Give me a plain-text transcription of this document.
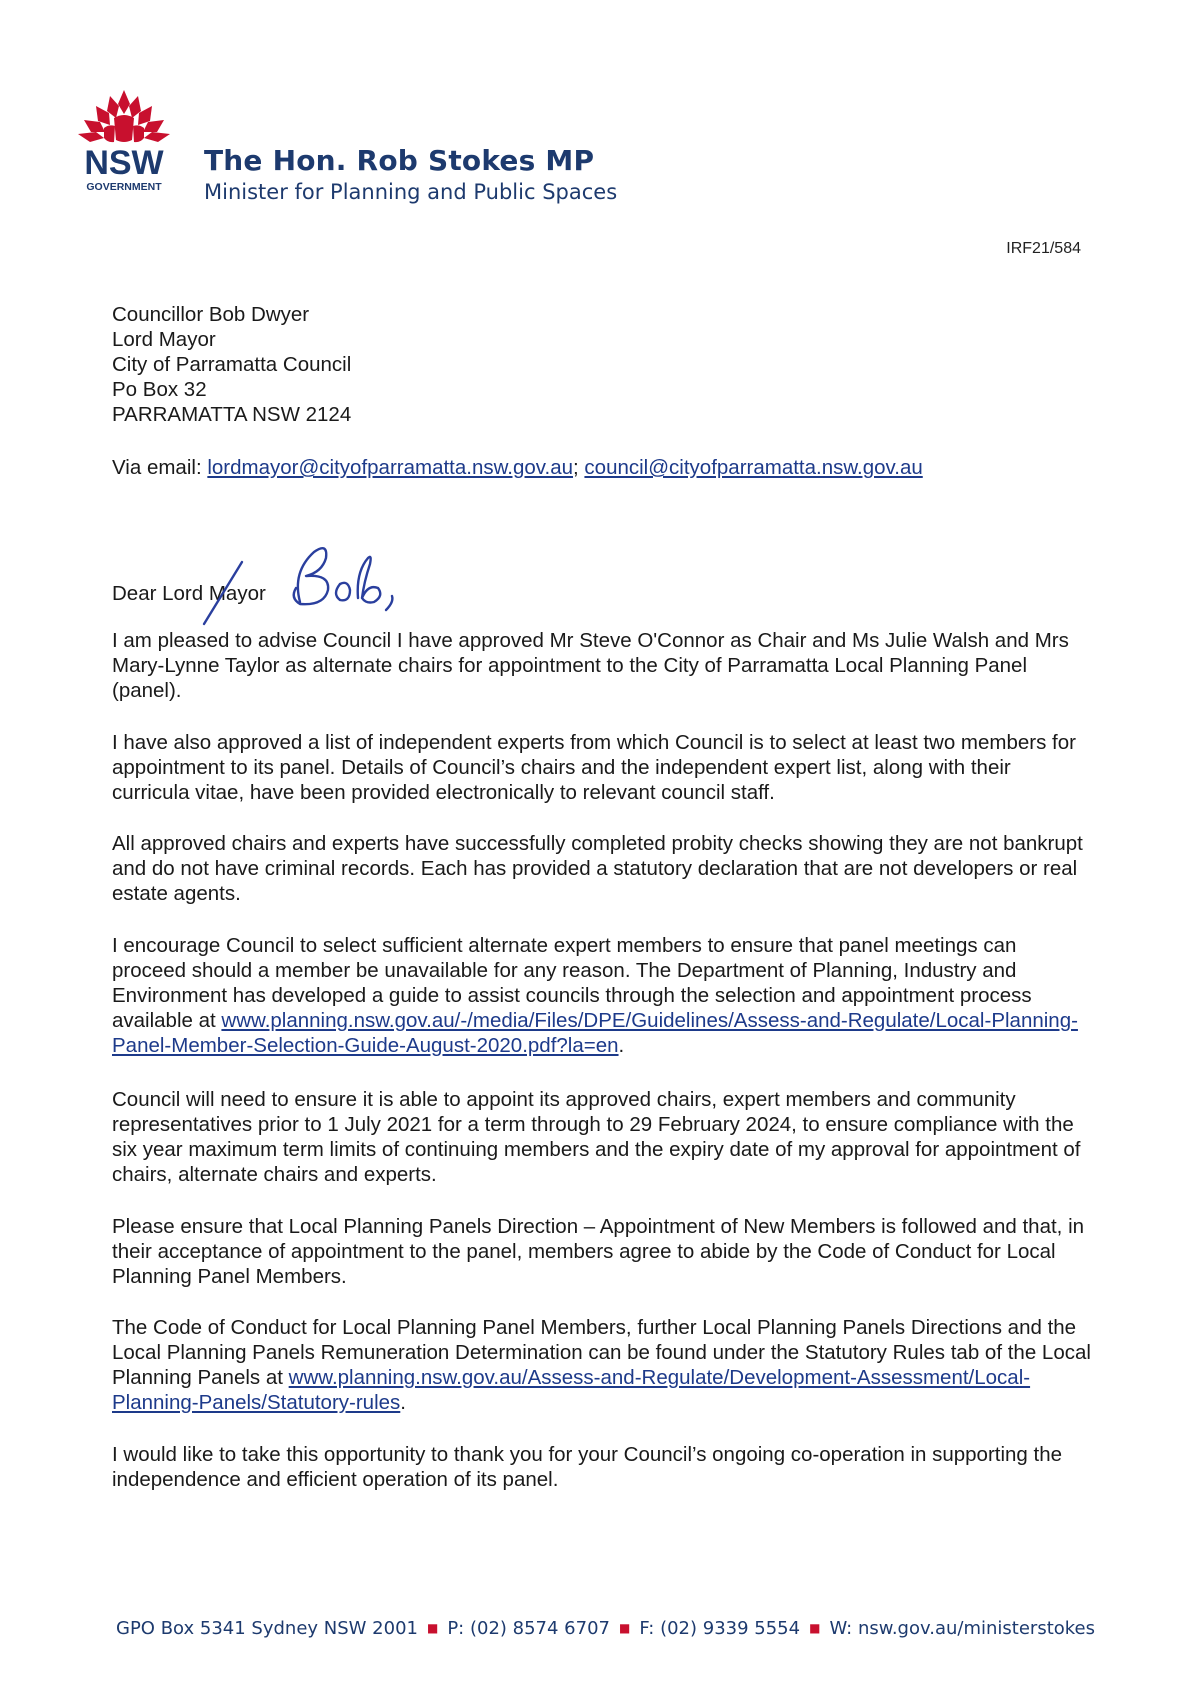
NSW
GOVERNMENT
The Hon. Rob Stokes MP
Minister for Planning and Public Spaces
IRF21/584
Councillor Bob Dwyer
Lord Mayor
City of Parramatta Council
Po Box 32
PARRAMATTA NSW 2124
Via email: lordmayor@cityofparramatta.nsw.gov.au; council@cityofparramatta.nsw.gov.au
Dear Lord Mayor

I am pleased to advise Council I have approved Mr Steve O'Connor as Chair and Ms Julie Walsh and Mrs Mary-Lynne Taylor as alternate chairs for appointment to the City of Parramatta Local Planning Panel (panel).

I have also approved a list of independent experts from which Council is to select at least two members for appointment to its panel. Details of Council’s chairs and the independent expert list, along with their curricula vitae, have been provided electronically to relevant council staff.

All approved chairs and experts have successfully completed probity checks showing they are not bankrupt and do not have criminal records. Each has provided a statutory declaration that are not developers or real estate agents.

I encourage Council to select sufficient alternate expert members to ensure that panel meetings can proceed should a member be unavailable for any reason. The Department of Planning, Industry and Environment has developed a guide to assist councils through the selection and appointment process available at www.planning.nsw.gov.au/-/media/Files/DPE/Guidelines/Assess-and-Regulate/Local-Planning-Panel-Member-Selection-Guide-August-2020.pdf?la=en.

Council will need to ensure it is able to appoint its approved chairs, expert members and community representatives prior to 1 July 2021 for a term through to 29 February 2024, to ensure compliance with the six year maximum term limits of continuing members and the expiry date of my approval for appointment of chairs, alternate chairs and experts.

Please ensure that Local Planning Panels Direction – Appointment of New Members is followed and that, in their acceptance of appointment to the panel, members agree to abide by the Code of Conduct for Local Planning Panel Members.

The Code of Conduct for Local Planning Panel Members, further Local Planning Panels Directions and the Local Planning Panels Remuneration Determination can be found under the Statutory Rules tab of the Local Planning Panels at www.planning.nsw.gov.au/Assess-and-Regulate/Development-Assessment/Local-Planning-Panels/Statutory-rules.

I would like to take this opportunity to thank you for your Council’s ongoing co-operation in supporting the independence and efficient operation of its panel.

GPO Box 5341 Sydney NSW 2001 ■ P: (02) 8574 6707 ■ F: (02) 9339 5554 ■ W: nsw.gov.au/ministerstokes
